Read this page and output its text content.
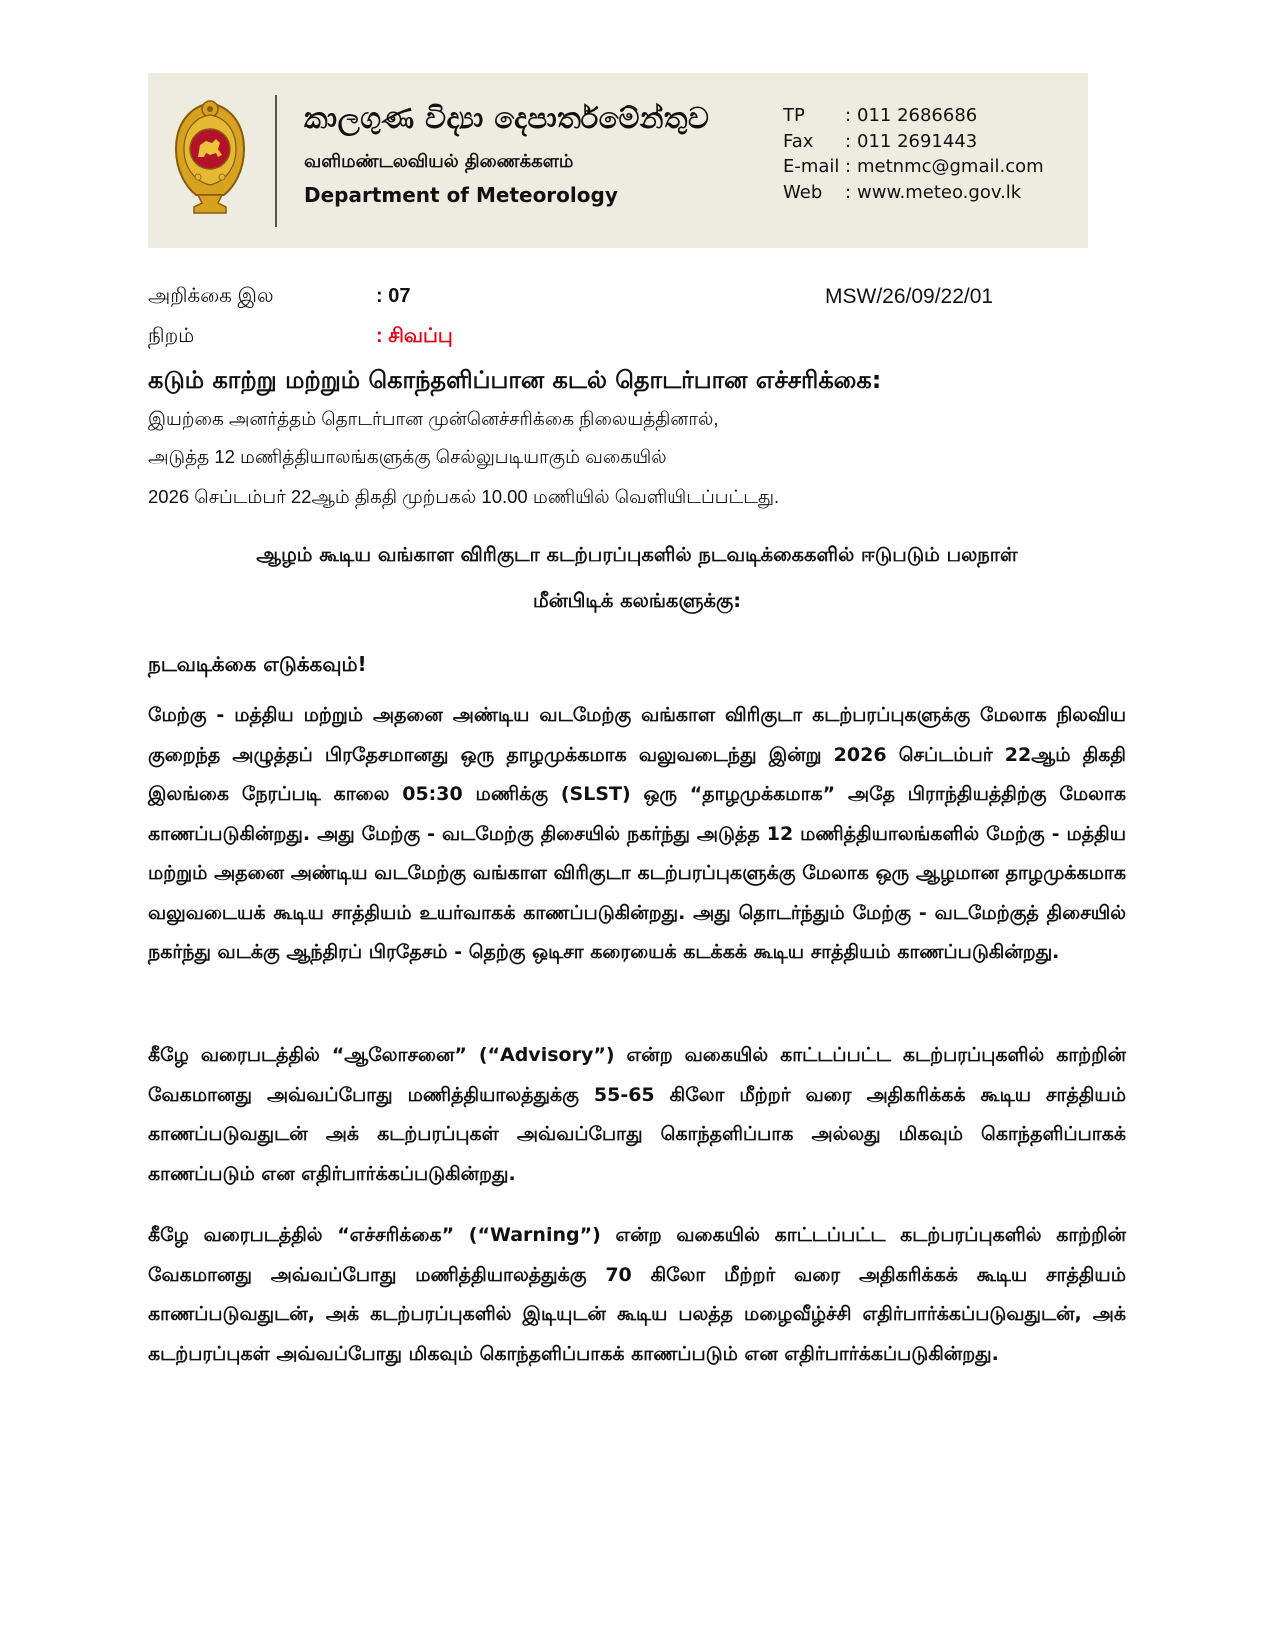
කාලගුණ විද්‍යා දෙපාර්තමේන්තුව
வளிமண்டலவியல் திணைக்களம்
Department of Meteorology
TP	: 011 2686686
Fax	: 011 2691443
E-mail : metnmc@gmail.com
Web	: www.meteo.gov.lk
அறிக்கை இல	: 07	MSW/26/09/22/01
நிறம்	: சிவப்பு
கடும் காற்று மற்றும் கொந்தளிப்பான கடல் தொடர்பான எச்சரிக்கை:
இயற்கை அனர்த்தம் தொடர்பான முன்னெச்சரிக்கை நிலையத்தினால்,
அடுத்த 12 மணித்தியாலங்களுக்கு செல்லுபடியாகும் வகையில்
2026 செப்டம்பர் 22ஆம் திகதி முற்பகல் 10.00 மணியில் வெளியிடப்பட்டது.
ஆழம் கூடிய வங்காள விரிகுடா கடற்பரப்புகளில் நடவடிக்கைகளில் ஈடுபடும் பலநாள்
மீன்பிடிக் கலங்களுக்கு:
நடவடிக்கை எடுக்கவும்!
மேற்கு - மத்திய மற்றும் அதனை அண்டிய வடமேற்கு வங்காள விரிகுடா கடற்பரப்புகளுக்கு மேலாக நிலவிய குறைந்த அழுத்தப் பிரதேசமானது ஒரு தாழமுக்கமாக வலுவடைந்து இன்று 2026 செப்டம்பர் 22ஆம் திகதி இலங்கை நேரப்படி காலை 05:30 மணிக்கு (SLST) ஒரு “தாழமுக்கமாக” அதே பிராந்தியத்திற்கு மேலாக காணப்படுகின்றது. அது மேற்கு - வடமேற்கு திசையில் நகர்ந்து அடுத்த 12 மணித்தியாலங்களில் மேற்கு - மத்திய மற்றும் அதனை அண்டிய வடமேற்கு வங்காள விரிகுடா கடற்பரப்புகளுக்கு மேலாக ஒரு ஆழமான தாழமுக்கமாக வலுவடையக் கூடிய சாத்தியம் உயர்வாகக் காணப்படுகின்றது. அது தொடர்ந்தும் மேற்கு - வடமேற்குத் திசையில் நகர்ந்து வடக்கு ஆந்திரப் பிரதேசம் - தெற்கு ஒடிசா கரையைக் கடக்கக் கூடிய சாத்தியம் காணப்படுகின்றது.
கீழே வரைபடத்தில் “ஆலோசனை” (“Advisory”) என்ற வகையில் காட்டப்பட்ட கடற்பரப்புகளில் காற்றின் வேகமானது அவ்வப்போது மணித்தியாலத்துக்கு 55-65 கிலோ மீற்றர் வரை அதிகரிக்கக் கூடிய சாத்தியம் காணப்படுவதுடன் அக் கடற்பரப்புகள் அவ்வப்போது கொந்தளிப்பாக அல்லது மிகவும் கொந்தளிப்பாகக் காணப்படும் என எதிர்பார்க்கப்படுகின்றது.
கீழே வரைபடத்தில் “எச்சரிக்கை” (“Warning”) என்ற வகையில் காட்டப்பட்ட கடற்பரப்புகளில் காற்றின் வேகமானது அவ்வப்போது மணித்தியாலத்துக்கு 70 கிலோ மீற்றர் வரை அதிகரிக்கக் கூடிய சாத்தியம் காணப்படுவதுடன், அக் கடற்பரப்புகளில் இடியுடன் கூடிய பலத்த மழைவீழ்ச்சி எதிர்பார்க்கப்படுவதுடன், அக் கடற்பரப்புகள் அவ்வப்போது மிகவும் கொந்தளிப்பாகக் காணப்படும் என எதிர்பார்க்கப்படுகின்றது.
